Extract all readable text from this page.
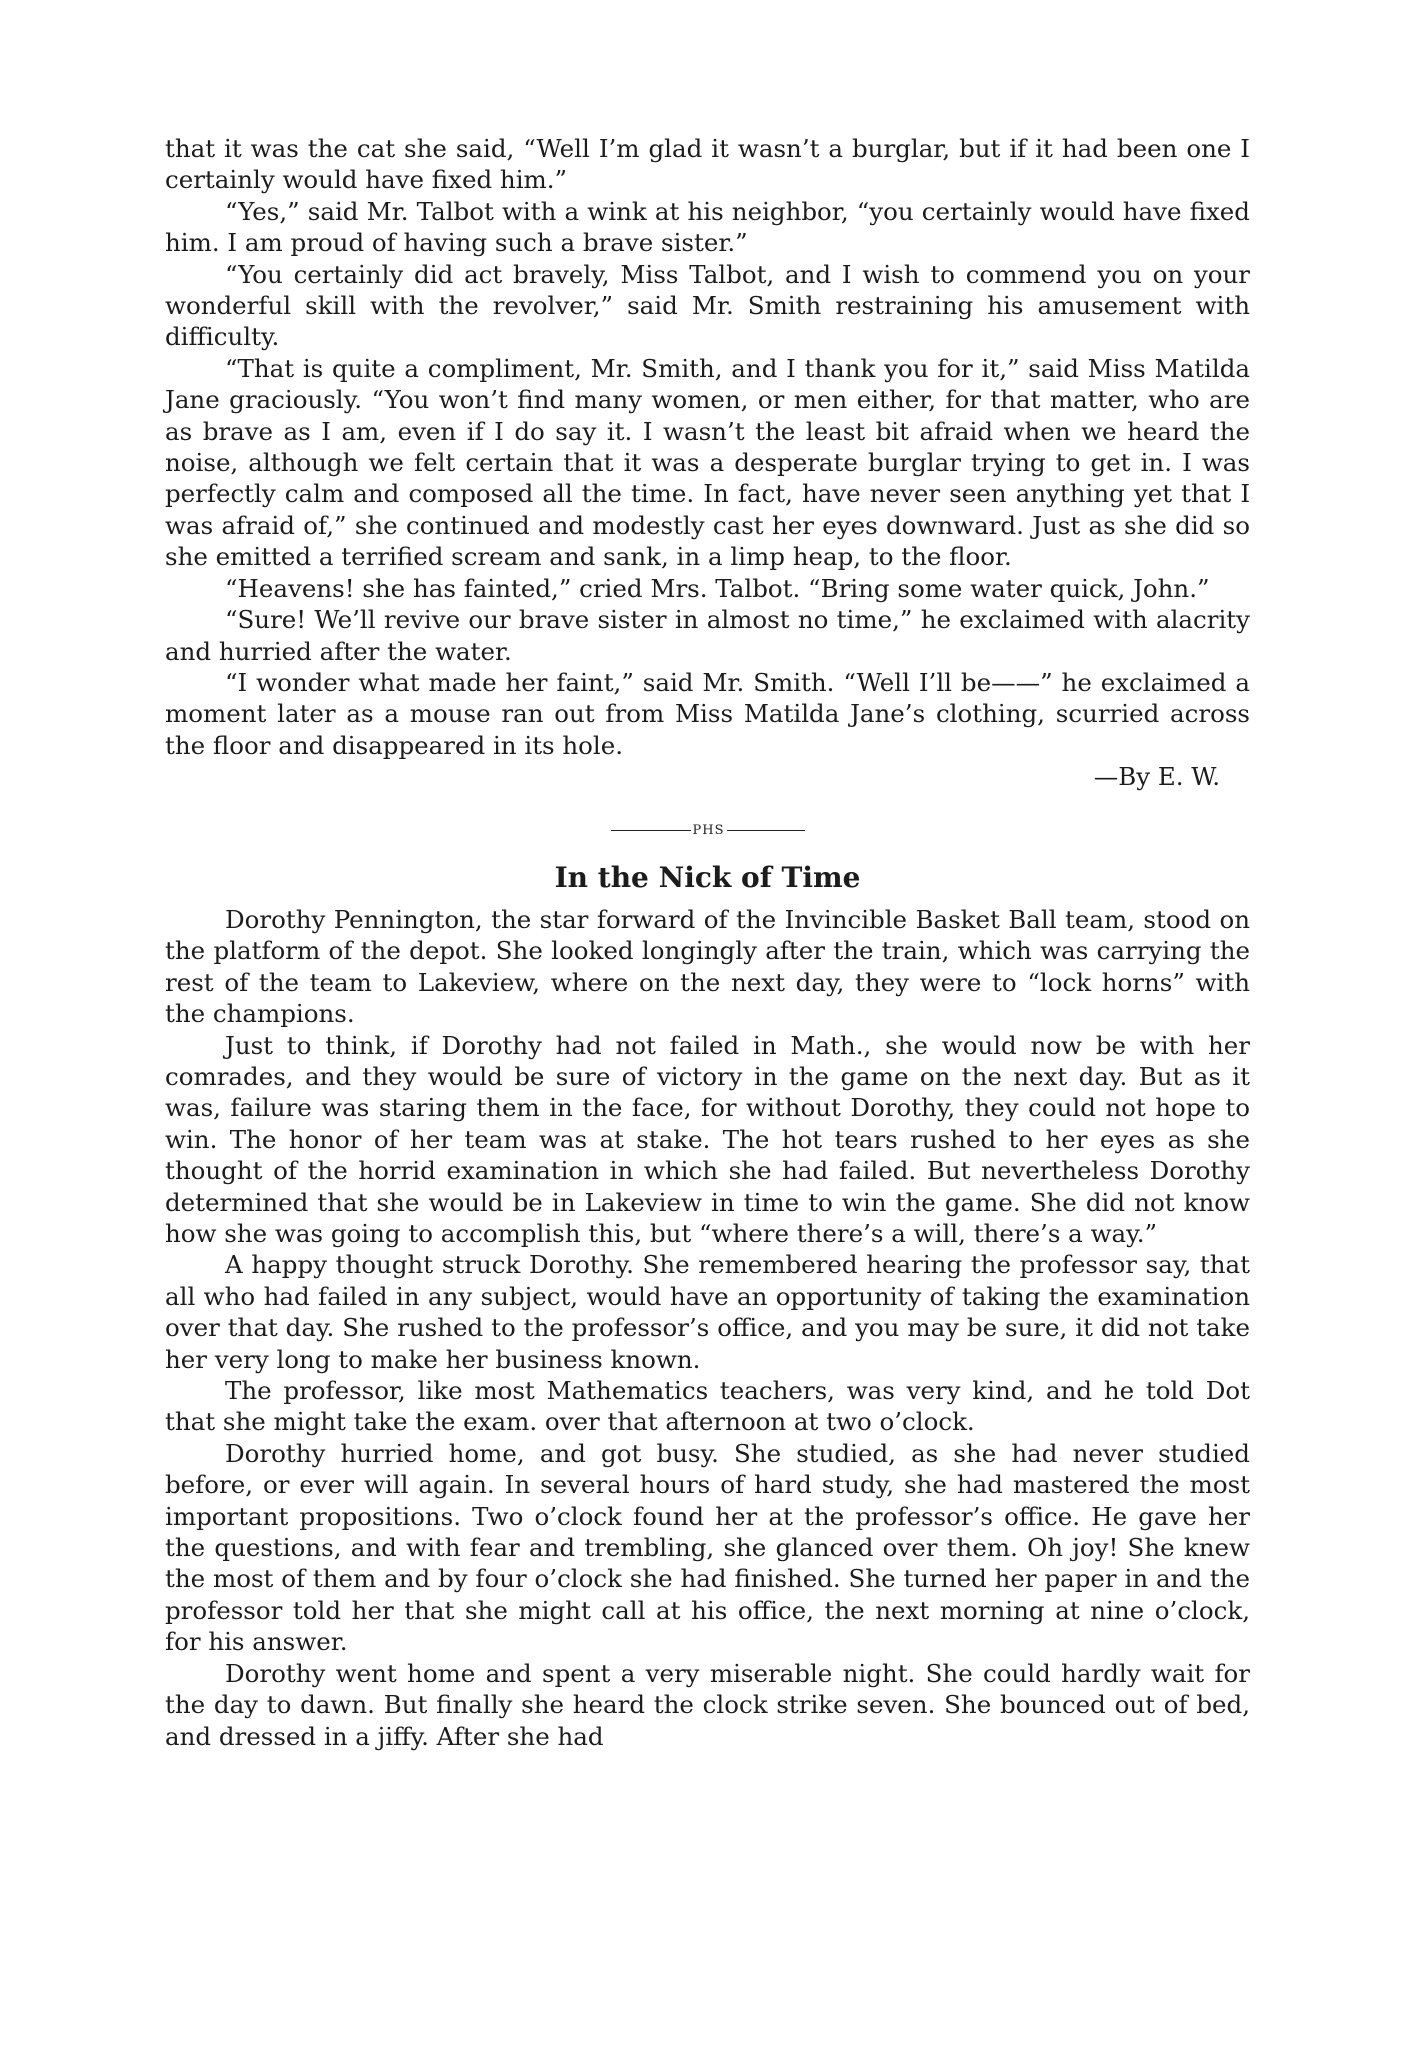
that it was the cat she said, “Well I’m glad it wasn’t a burglar, but if it had been one I certainly would have fixed him.”

“Yes,” said Mr. Talbot with a wink at his neighbor, “you certainly would have fixed him. I am proud of having such a brave sister.”

“You certainly did act bravely, Miss Talbot, and I wish to commend you on your wonderful skill with the revolver,” said Mr. Smith restraining his amusement with difficulty.

“That is quite a compliment, Mr. Smith, and I thank you for it,” said Miss Matilda Jane graciously. “You won’t find many women, or men either, for that matter, who are as brave as I am, even if I do say it. I wasn’t the least bit afraid when we heard the noise, although we felt certain that it was a desperate burglar trying to get in. I was perfectly calm and composed all the time. In fact, have never seen anything yet that I was afraid of,” she continued and modestly cast her eyes downward. Just as she did so she emitted a terrified scream and sank, in a limp heap, to the floor.

“Heavens! she has fainted,” cried Mrs. Talbot. “Bring some water quick, John.”

“Sure! We’ll revive our brave sister in almost no time,” he exclaimed with alacrity and hurried after the water.

“I wonder what made her faint,” said Mr. Smith. “Well I’ll be——” he exclaimed a moment later as a mouse ran out from Miss Matilda Jane’s clothing, scurried across the floor and disappeared in its hole.

—By E. W.
PHS
In the Nick of Time

Dorothy Pennington, the star forward of the Invincible Basket Ball team, stood on the platform of the depot. She looked longingly after the train, which was carrying the rest of the team to Lakeview, where on the next day, they were to “lock horns” with the champions.

Just to think, if Dorothy had not failed in Math., she would now be with her comrades, and they would be sure of victory in the game on the next day. But as it was, failure was staring them in the face, for without Dorothy, they could not hope to win. The honor of her team was at stake. The hot tears rushed to her eyes as she thought of the horrid examination in which she had failed. But nevertheless Dorothy determined that she would be in Lakeview in time to win the game. She did not know how she was going to accomplish this, but “where there’s a will, there’s a way.”

A happy thought struck Dorothy. She remembered hearing the professor say, that all who had failed in any subject, would have an opportunity of taking the examination over that day. She rushed to the professor’s office, and you may be sure, it did not take her very long to make her business known.

The professor, like most Mathematics teachers, was very kind, and he told Dot that she might take the exam. over that afternoon at two o’clock.

Dorothy hurried home, and got busy. She studied, as she had never studied before, or ever will again. In several hours of hard study, she had mastered the most important propositions. Two o’clock found her at the professor’s office. He gave her the questions, and with fear and trembling, she glanced over them. Oh joy! She knew the most of them and by four o’clock she had finished. She turned her paper in and the professor told her that she might call at his office, the next morning at nine o’clock, for his answer.

Dorothy went home and spent a very miserable night. She could hardly wait for the day to dawn. But finally she heard the clock strike seven. She bounced out of bed, and dressed in a jiffy. After she had
